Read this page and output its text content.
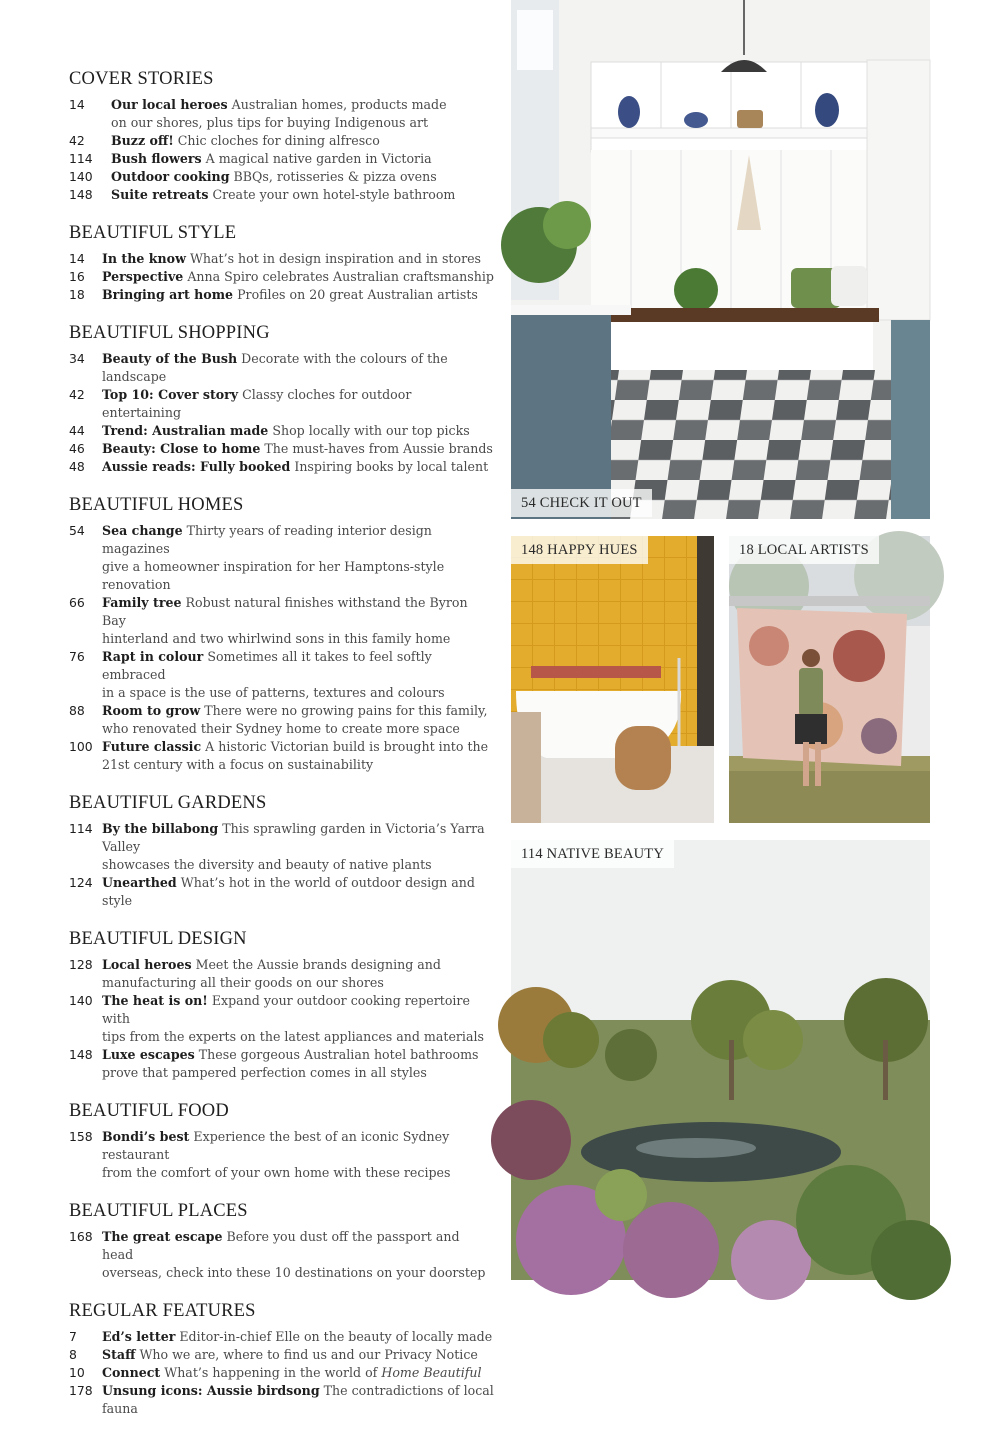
COVER STORIES
14	Our local heroes Australian homes, products made
on our shores, plus tips for buying Indigenous art
42	Buzz off! Chic cloches for dining alfresco
114	Bush flowers A magical native garden in Victoria
140	Outdoor cooking BBQs, rotisseries & pizza ovens
148	Suite retreats Create your own hotel-style bathroom
BEAUTIFUL STYLE
14	In the know What’s hot in design inspiration and in stores
16	Perspective Anna Spiro celebrates Australian craftsmanship
18	Bringing art home Profiles on 20 great Australian artists
BEAUTIFUL SHOPPING
34	Beauty of the Bush Decorate with the colours of the landscape
42	Top 10: Cover story Classy cloches for outdoor entertaining
44	Trend: Australian made Shop locally with our top picks
46	Beauty: Close to home The must-haves from Aussie brands
48	Aussie reads: Fully booked Inspiring books by local talent
BEAUTIFUL HOMES
54	Sea change Thirty years of reading interior design magazines
give a homeowner inspiration for her Hamptons-style renovation
66	Family tree Robust natural finishes withstand the Byron Bay
hinterland and two whirlwind sons in this family home
76	Rapt in colour Sometimes all it takes to feel softly embraced
in a space is the use of patterns, textures and colours
88	Room to grow There were no growing pains for this family,
who renovated their Sydney home to create more space
100 Future classic A historic Victorian build is brought into the
21st century with a focus on sustainability
BEAUTIFUL GARDENS
114 By the billabong This sprawling garden in Victoria’s Yarra Valley
showcases the diversity and beauty of native plants
124 Unearthed What’s hot in the world of outdoor design and style
BEAUTIFUL DESIGN
128 Local heroes Meet the Aussie brands designing and
manufacturing all their goods on our shores
140 The heat is on! Expand your outdoor cooking repertoire with
tips from the experts on the latest appliances and materials
148 Luxe escapes These gorgeous Australian hotel bathrooms
prove that pampered perfection comes in all styles
BEAUTIFUL FOOD
158 Bondi’s best Experience the best of an iconic Sydney restaurant
from the comfort of your own home with these recipes
BEAUTIFUL PLACES
168 The great escape Before you dust off the passport and head
overseas, check into these 10 destinations on your doorstep
REGULAR FEATURES
7	Ed’s letter Editor-in-chief Elle on the beauty of locally made
8	Staff Who we are, where to find us and our Privacy Notice
10	Connect What’s happening in the world of Home Beautiful
178 Unsung icons: Aussie birdsong The contradictions of local fauna
54 CHECK IT OUT
148 HAPPY HUES	18 LOCAL ARTISTS
114 NATIVE BEAUTY
